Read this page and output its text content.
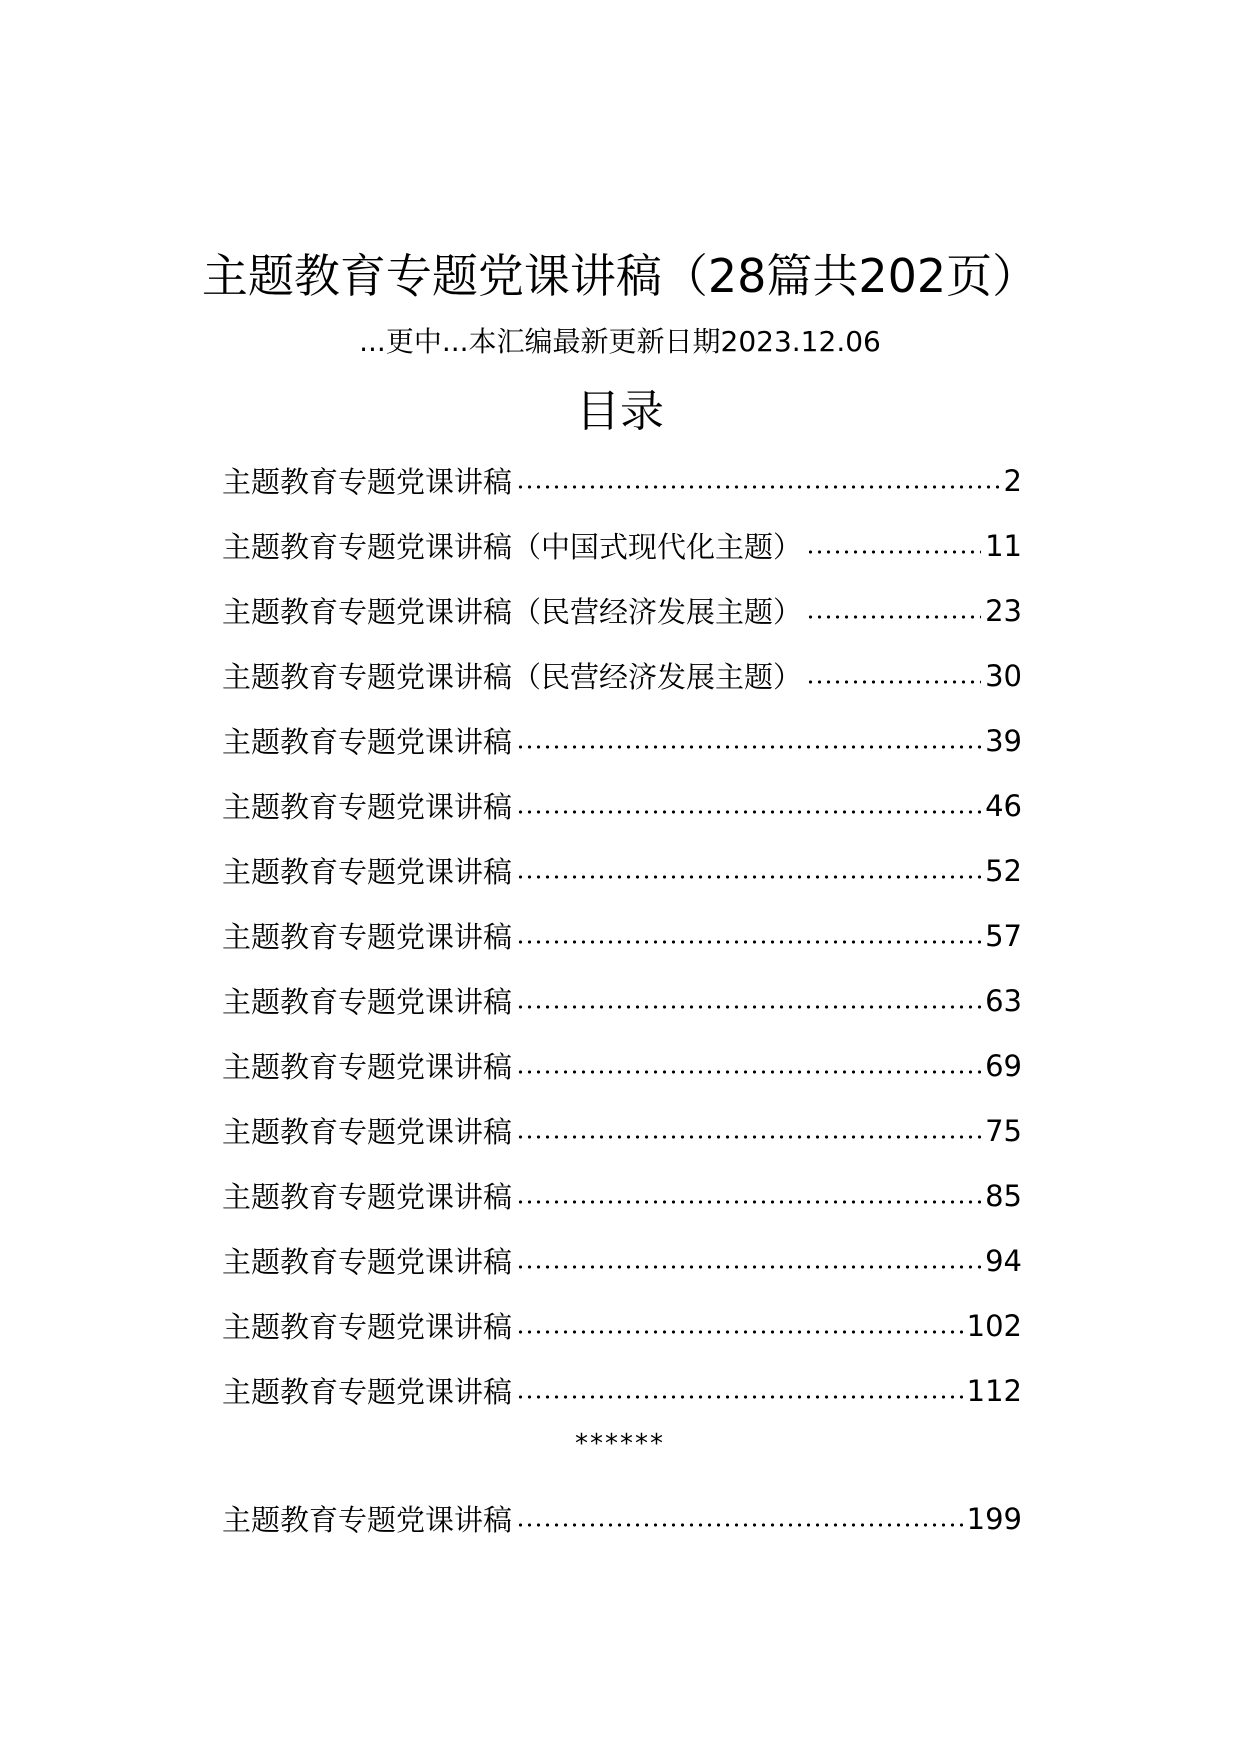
主题教育专题党课讲稿（28篇共202页）
...更中...本汇编最新更新日期2023.12.06
目录
主题教育专题党课讲稿	2
主题教育专题党课讲稿（中国式现代化主题）	11
主题教育专题党课讲稿（民营经济发展主题）	23
主题教育专题党课讲稿（民营经济发展主题）	30
主题教育专题党课讲稿	39
主题教育专题党课讲稿	46
主题教育专题党课讲稿	52
主题教育专题党课讲稿	57
主题教育专题党课讲稿	63
主题教育专题党课讲稿	69
主题教育专题党课讲稿	75
主题教育专题党课讲稿	85
主题教育专题党课讲稿	94
主题教育专题党课讲稿	102
主题教育专题党课讲稿	112
******
主题教育专题党课讲稿	199
